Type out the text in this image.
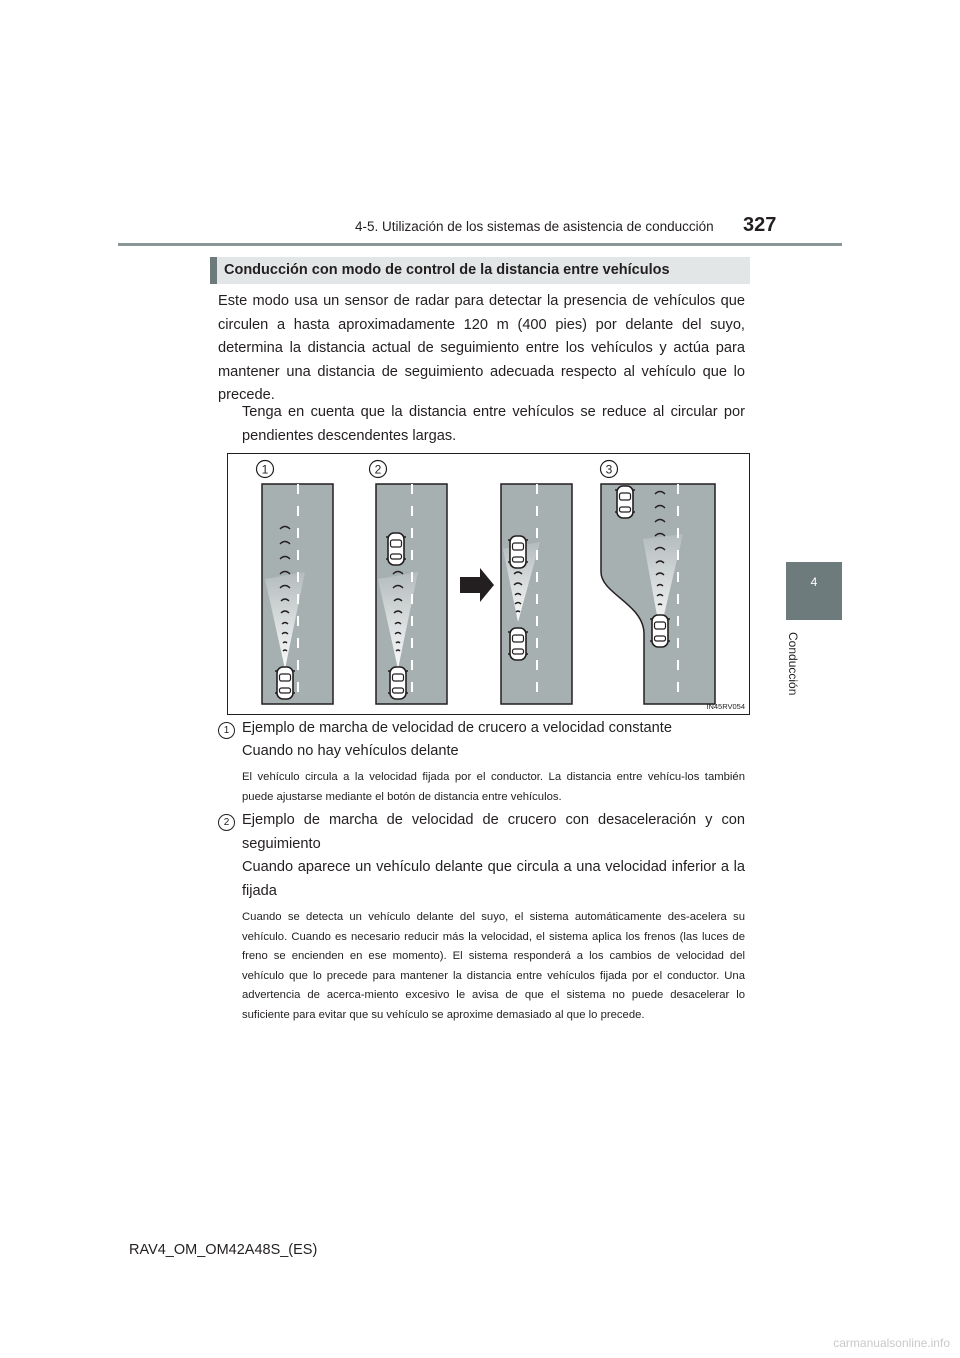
4-5. Utilización de los sistemas de asistencia de conducción 327
4
Conducción
Conducción con modo de control de la distancia entre vehículos
Este modo usa un sensor de radar para detectar la presencia de vehículos que circulen a hasta aproximadamente 120 m (400 pies) por delante del suyo, determina la distancia actual de seguimiento entre los vehículos y actúa para mantener una distancia de seguimiento adecuada respecto al vehículo que lo precede.
Tenga en cuenta que la distancia entre vehículos se reduce al circular por pendientes descendentes largas.
1	2	3
IN45RV054
1 Ejemplo de marcha de velocidad de crucero a velocidad constante
Cuando no hay vehículos delante
El vehículo circula a la velocidad fijada por el conductor. La distancia entre vehícu-los también puede ajustarse mediante el botón de distancia entre vehículos.
2 Ejemplo de marcha de velocidad de crucero con desaceleración y con seguimiento
Cuando aparece un vehículo delante que circula a una velocidad inferior a la fijada
Cuando se detecta un vehículo delante del suyo, el sistema automáticamente des-acelera su vehículo. Cuando es necesario reducir más la velocidad, el sistema aplica los frenos (las luces de freno se encienden en ese momento). El sistema responderá a los cambios de velocidad del vehículo que lo precede para mantener la distancia entre vehículos fijada por el conductor. Una advertencia de acerca-miento excesivo le avisa de que el sistema no puede desacelerar lo suficiente para evitar que su vehículo se aproxime demasiado al que lo precede.
RAV4_OM_OM42A48S_(ES)
carmanualsonline.info
